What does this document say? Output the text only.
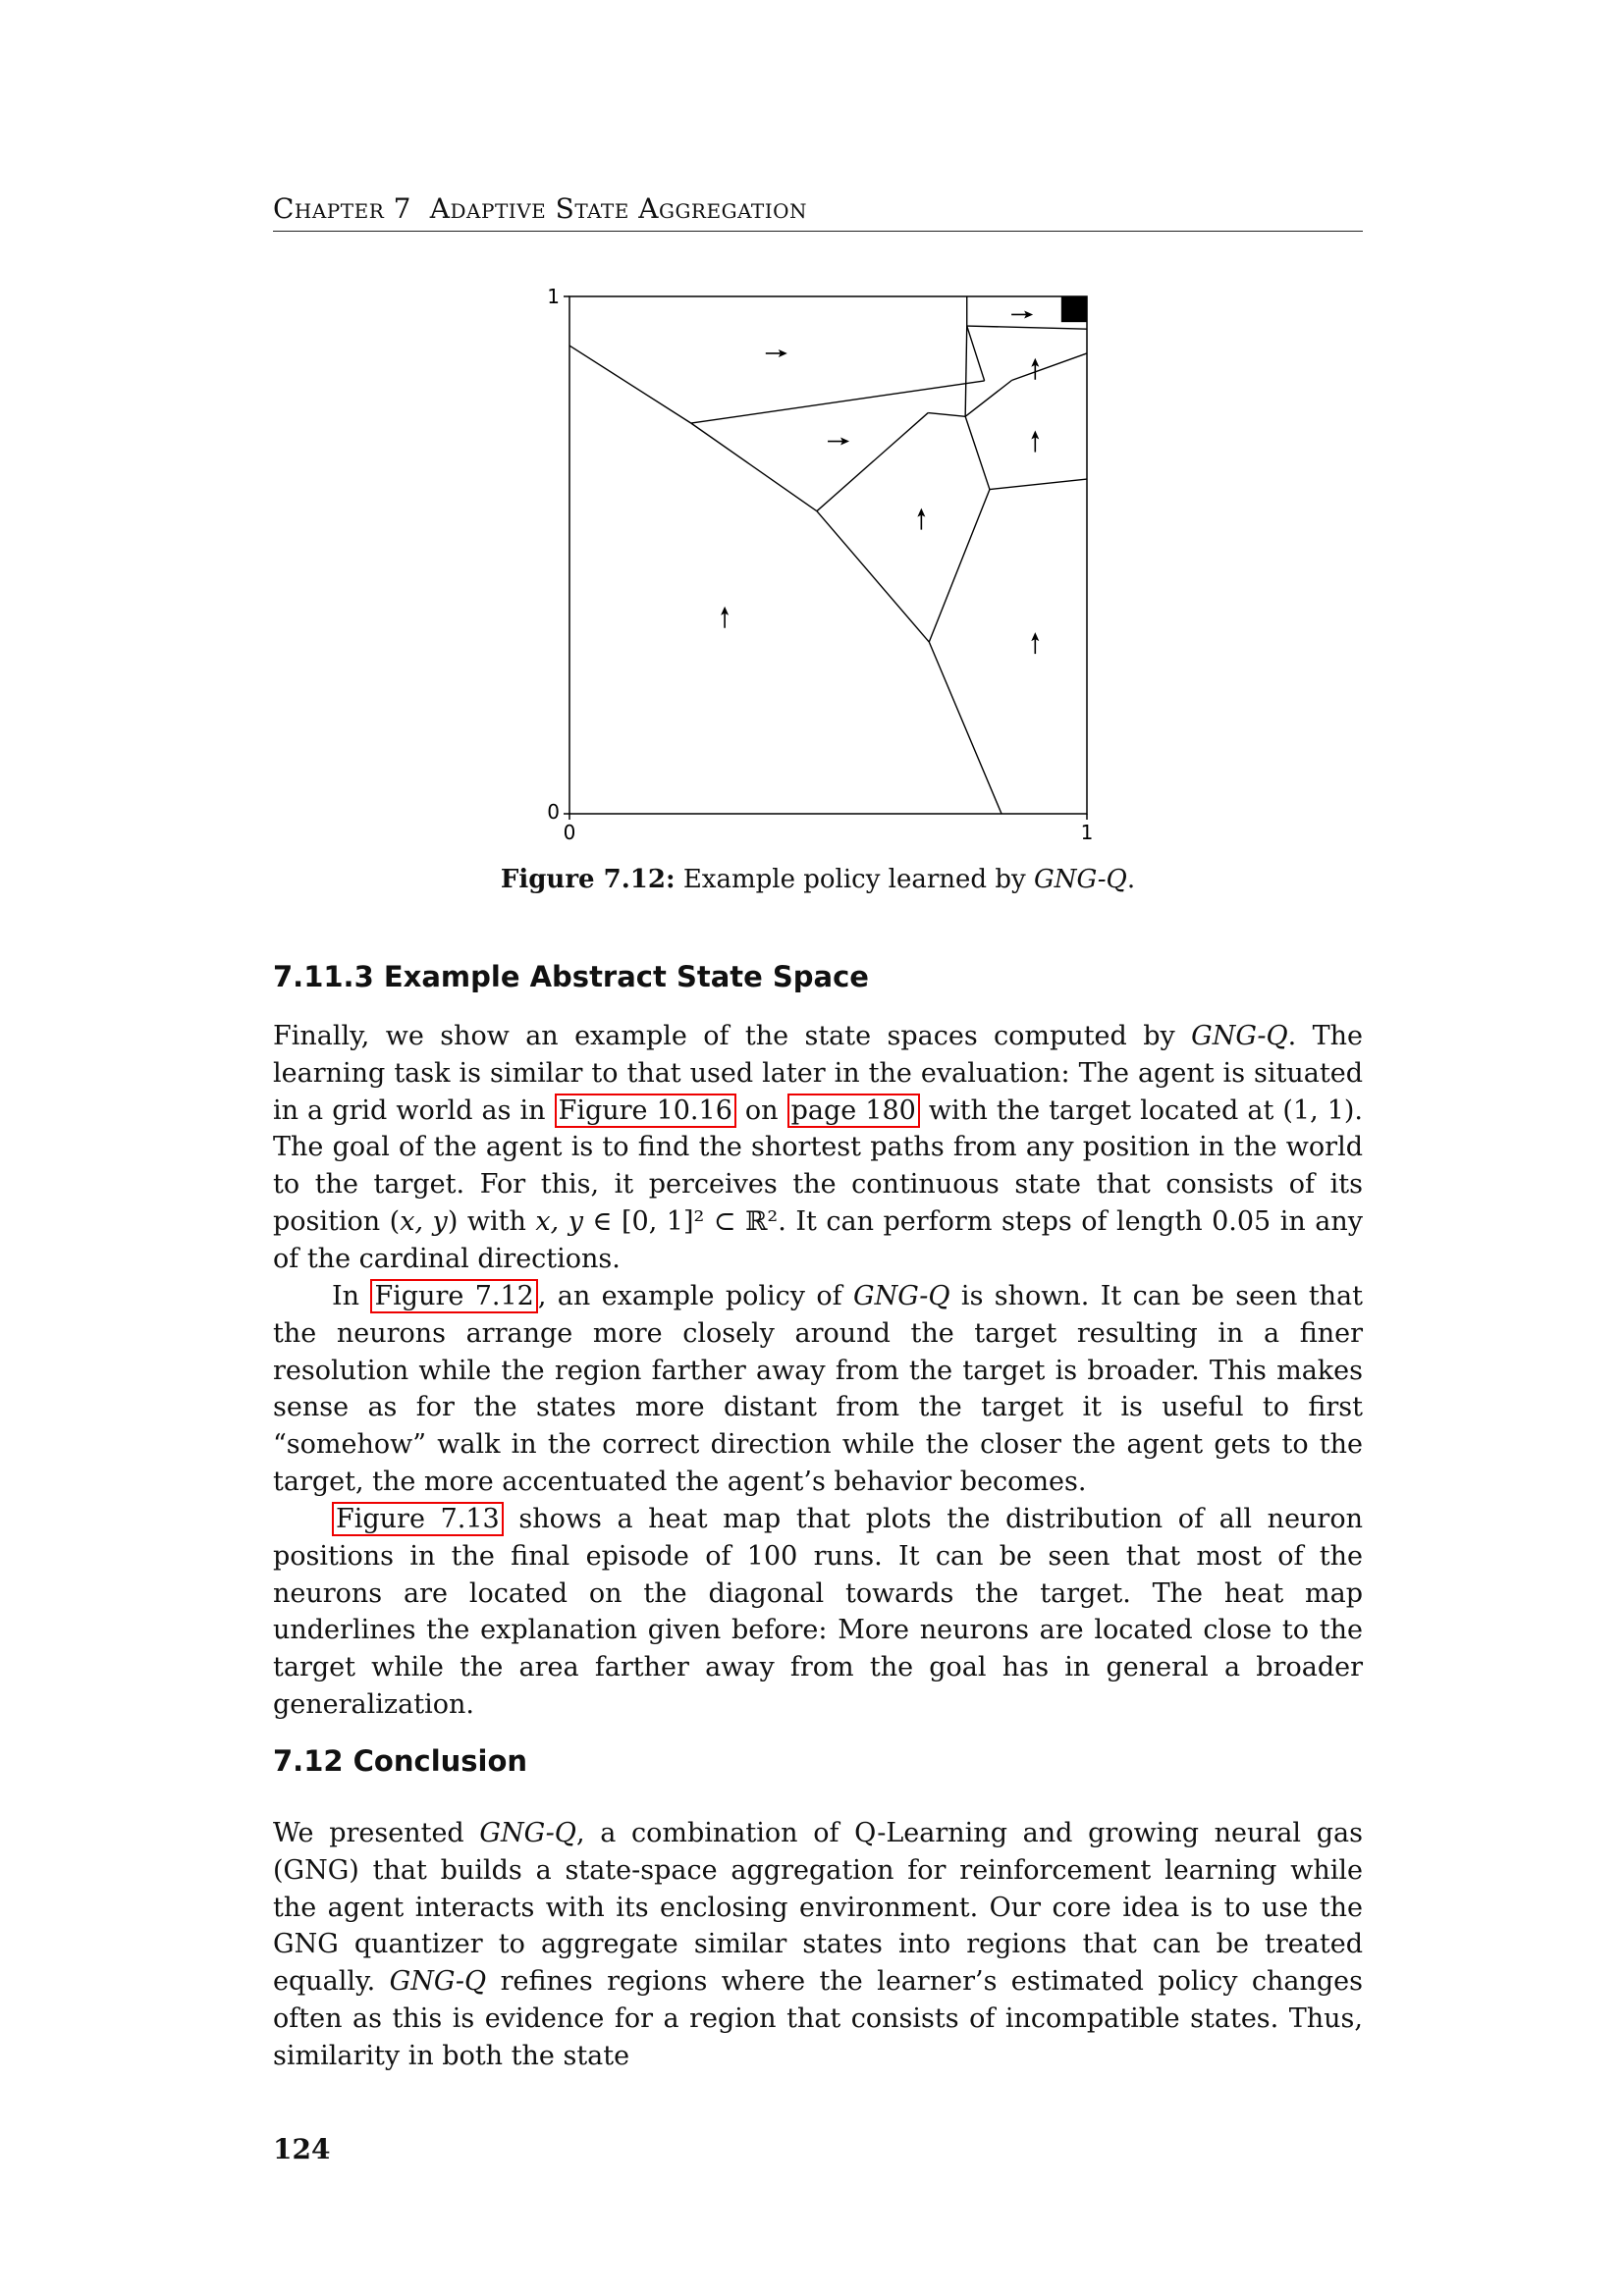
Chapter 7 Adaptive State Aggregation
1
0
0	1
Figure 7.12: Example policy learned by GNG-Q.
7.11.3 Example Abstract State Space

Finally, we show an example of the state spaces computed by GNG-Q. The learning task is similar to that used later in the evaluation: The agent is situated in a grid world as in Figure 10.16 on page 180 with the target located at (1, 1). The goal of the agent is to find the shortest paths from any position in the world to the target. For this, it perceives the continuous state that consists of its position (x, y) with x, y ∈ [0, 1]² ⊂ ℝ². It can perform steps of length 0.05 in any of the cardinal directions.

In Figure 7.12 , an example policy of GNG-Q is shown. It can be seen that the neurons arrange more closely around the target resulting in a finer resolution while the region farther away from the target is broader. This makes sense as for the states more distant from the target it is useful to first “somehow” walk in the correct direction while the closer the agent gets to the target, the more accentuated the agent’s behavior becomes.

Figure 7.13 shows a heat map that plots the distribution of all neuron positions in the final episode of 100 runs. It can be seen that most of the neurons are located on the diagonal towards the target. The heat map underlines the explanation given before: More neurons are located close to the target while the area farther away from the goal has in general a broader generalization.

7.12 Conclusion

We presented GNG-Q, a combination of Q-Learning and growing neural gas (GNG) that builds a state-space aggregation for reinforcement learning while the agent interacts with its enclosing environment. Our core idea is to use the GNG quantizer to aggregate similar states into regions that can be treated equally. GNG-Q refines regions where the learner’s estimated policy changes often as this is evidence for a region that consists of incompatible states. Thus, similarity in both the state

124
